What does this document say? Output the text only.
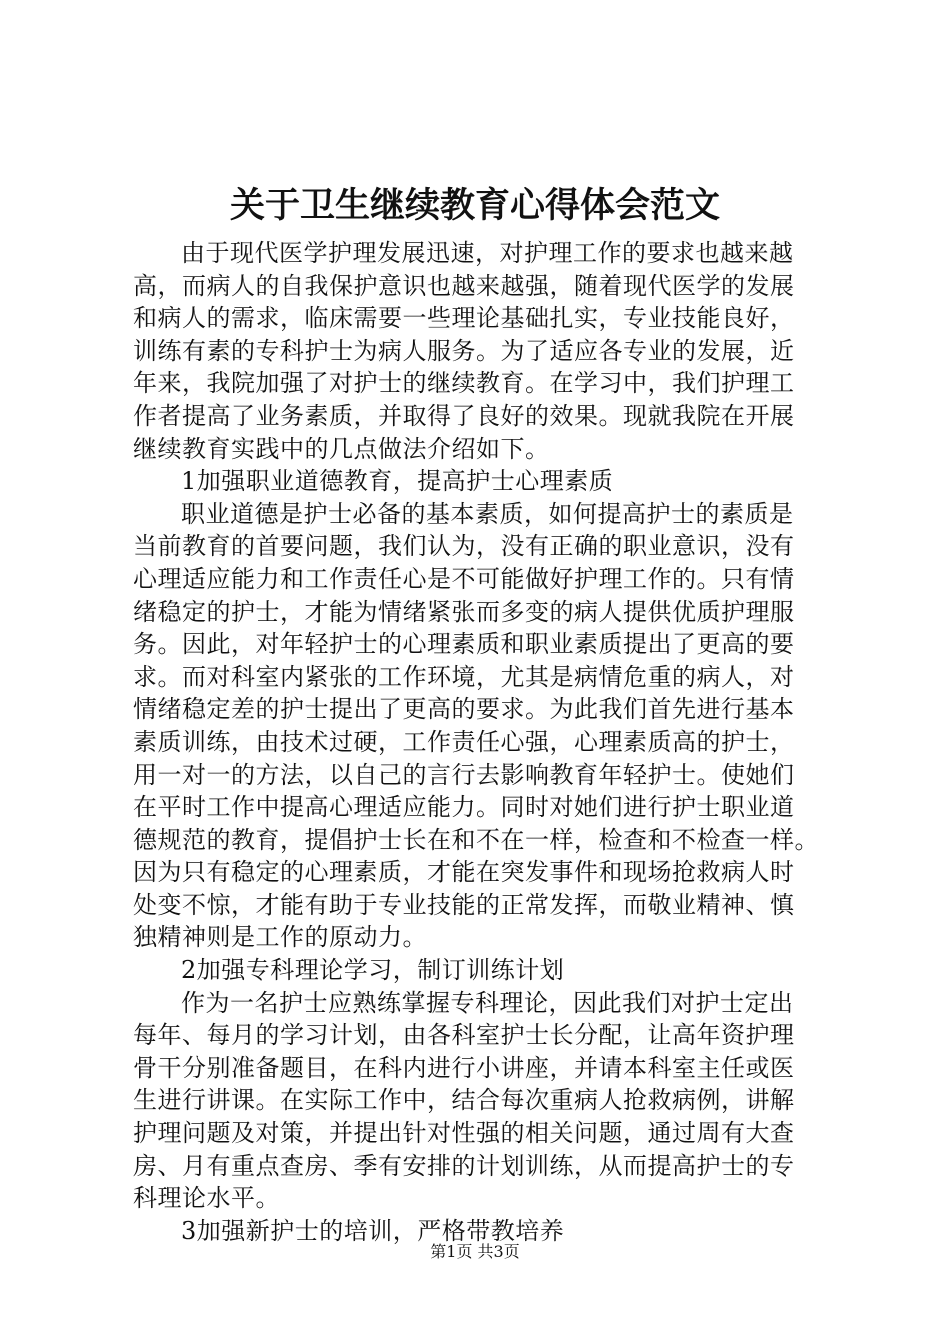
关于卫生继续教育心得体会范文
由于现代医学护理发展迅速，对护理工作的要求也越来越
高，而病人的自我保护意识也越来越强，随着现代医学的发展
和病人的需求，临床需要一些理论基础扎实，专业技能良好，
训练有素的专科护士为病人服务。为了适应各专业的发展，近
年来，我院加强了对护士的继续教育。在学习中，我们护理工
作者提高了业务素质，并取得了良好的效果。现就我院在开展
继续教育实践中的几点做法介绍如下。
1加强职业道德教育，提高护士心理素质
职业道德是护士必备的基本素质，如何提高护士的素质是
当前教育的首要问题，我们认为，没有正确的职业意识，没有
心理适应能力和工作责任心是不可能做好护理工作的。只有情
绪稳定的护士，才能为情绪紧张而多变的病人提供优质护理服
务。因此，对年轻护士的心理素质和职业素质提出了更高的要
求。而对科室内紧张的工作环境，尤其是病情危重的病人，对
情绪稳定差的护士提出了更高的要求。为此我们首先进行基本
素质训练，由技术过硬，工作责任心强，心理素质高的护士，
用一对一的方法，以自己的言行去影响教育年轻护士。使她们
在平时工作中提高心理适应能力。同时对她们进行护士职业道
德规范的教育，提倡护士长在和不在一样，检查和不检查一样。
因为只有稳定的心理素质，才能在突发事件和现场抢救病人时
处变不惊，才能有助于专业技能的正常发挥，而敬业精神、慎
独精神则是工作的原动力。
2加强专科理论学习，制订训练计划
作为一名护士应熟练掌握专科理论，因此我们对护士定出
每年、每月的学习计划，由各科室护士长分配，让高年资护理
骨干分别准备题目，在科内进行小讲座，并请本科室主任或医
生进行讲课。在实际工作中，结合每次重病人抢救病例，讲解
护理问题及对策，并提出针对性强的相关问题，通过周有大查
房、月有重点查房、季有安排的计划训练，从而提高护士的专
科理论水平。
3加强新护士的培训，严格带教培养
第1页 共3页
